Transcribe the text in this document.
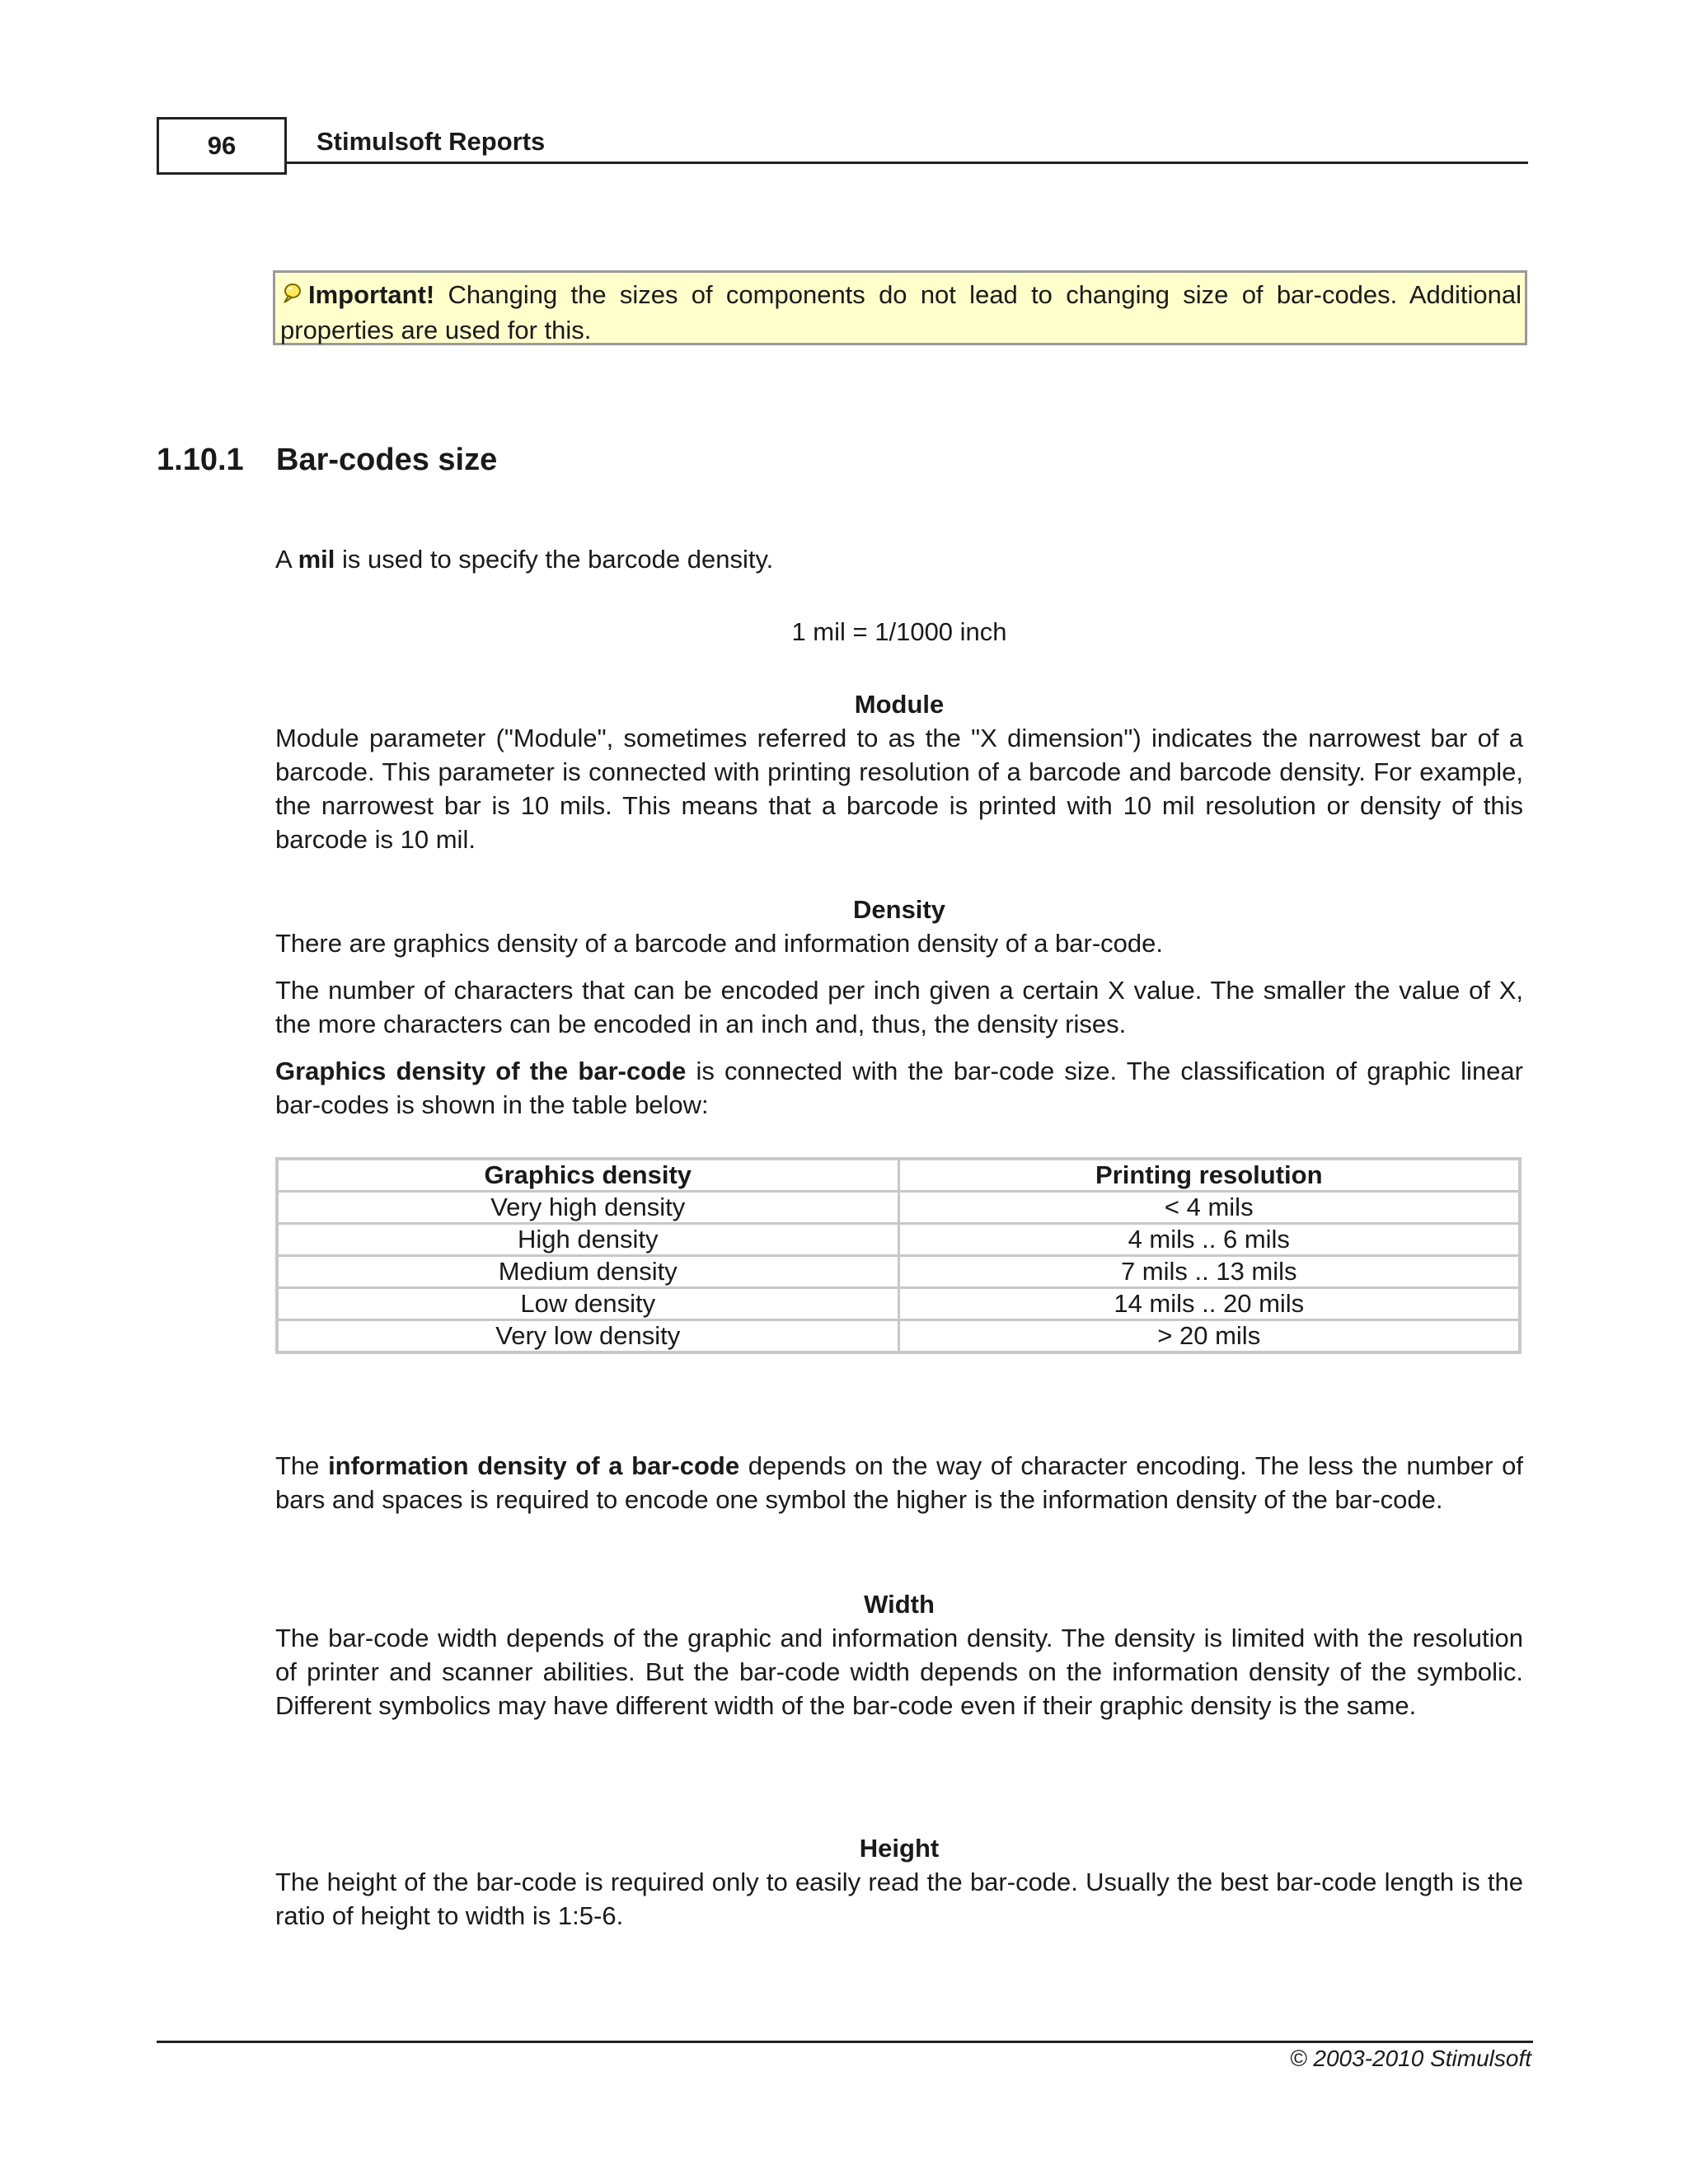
96	Stimulsoft Reports
Important! Changing the sizes of components do not lead to changing size of bar-codes. Additional properties are used for this.
1.10.1 Bar-codes size

A mil is used to specify the barcode density.

1 mil = 1/1000 inch
Module
Module parameter ("Module", sometimes referred to as the "X dimension") indicates the narrowest bar of a barcode. This parameter is connected with printing resolution of a barcode and barcode density. For example, the narrowest bar is 10 mils. This means that a barcode is printed with 10 mil resolution or density of this barcode is 10 mil.
Density
There are graphics density of a barcode and information density of a bar-code.
The number of characters that can be encoded per inch given a certain X value. The smaller the value of X, the more characters can be encoded in an inch and, thus, the density rises.

Graphics density of the bar-code is connected with the bar-code size. The classification of graphic linear bar-codes is shown in the table below:

Graphics density	Printing resolution
Very high density	< 4 mils
High density	4 mils .. 6 mils
Medium density	7 mils .. 13 mils
Low density	14 mils .. 20 mils
Very low density	> 20 mils

The information density of a bar-code depends on the way of character encoding. The less the number of bars and spaces is required to encode one symbol the higher is the information density of the bar-code.

Width
The bar-code width depends of the graphic and information density. The density is limited with the resolution of printer and scanner abilities. But the bar-code width depends on the information density of the symbolic. Different symbolics may have different width of the bar-code even if their graphic density is the same.
Height
The height of the bar-code is required only to easily read the bar-code. Usually the best bar-code length is the ratio of height to width is 1:5-6.
© 2003-2010 Stimulsoft
